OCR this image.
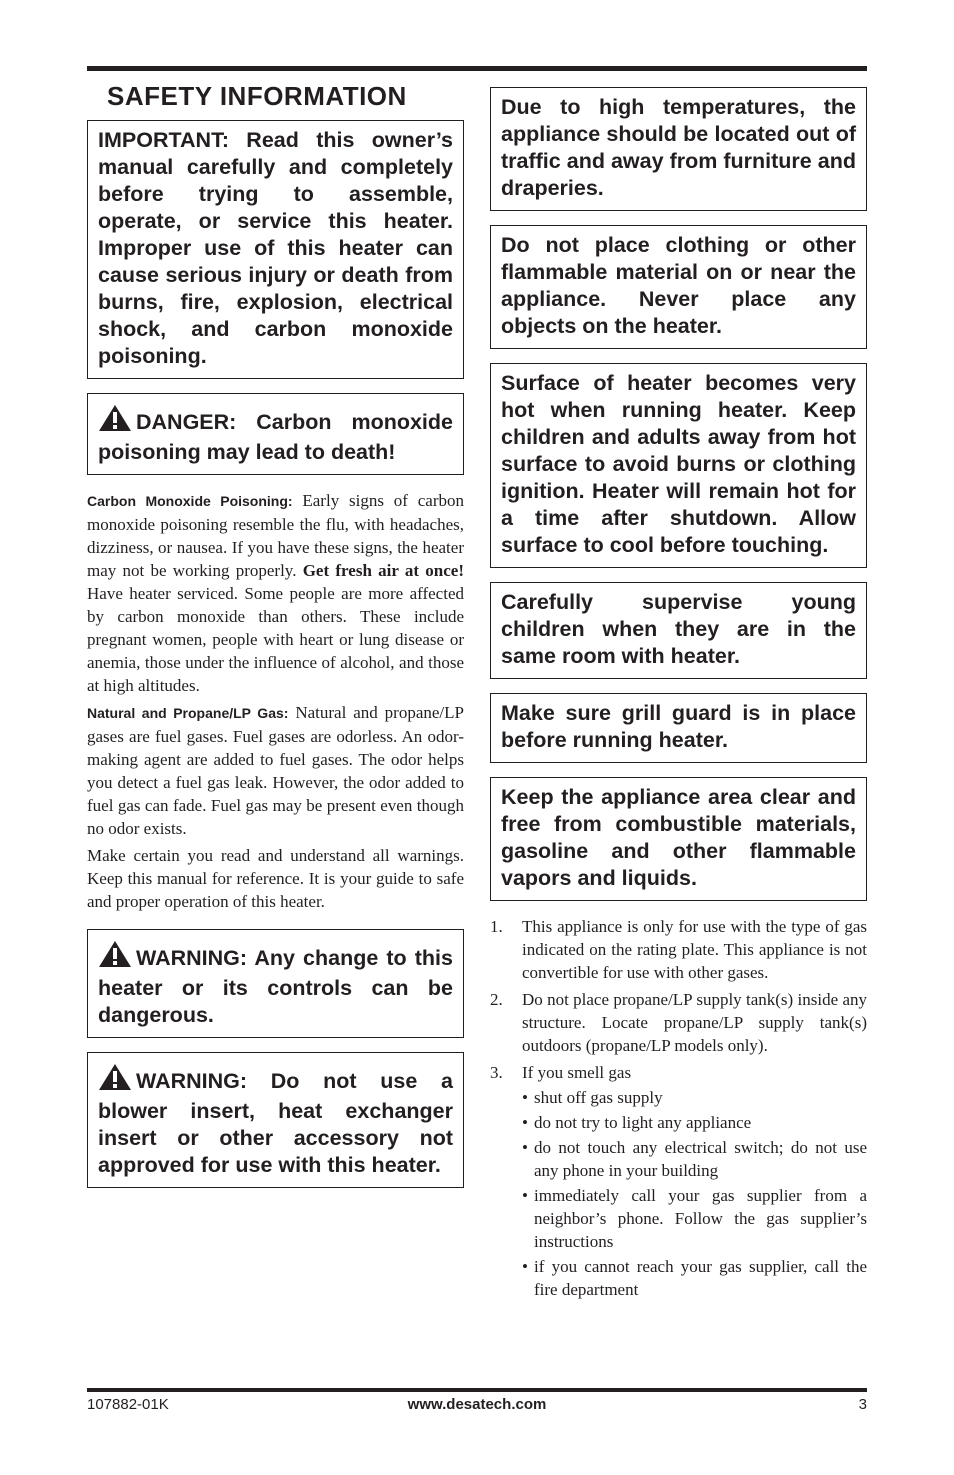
SAFETY INFORMATION
IMPORTANT: Read this owner’s manual carefully and completely before trying to assemble, operate, or service this heater. Improper use of this heater can cause serious injury or death from burns, fire, explosion, electrical shock, and carbon monoxide poisoning.
DANGER: Carbon monoxide poisoning may lead to death!

Carbon Monoxide Poisoning: Early signs of carbon monoxide poisoning resemble the flu, with headaches, dizziness, or nausea. If you have these signs, the heater may not be working properly. Get fresh air at once! Have heater serviced. Some people are more affected by carbon monoxide than others. These include pregnant women, people with heart or lung disease or anemia, those under the influence of alcohol, and those at high altitudes.

Natural and Propane/LP Gas: Natural and propane/LP gases are fuel gases. Fuel gases are odorless. An odor-making agent are added to fuel gases. The odor helps you detect a fuel gas leak. However, the odor added to fuel gas can fade. Fuel gas may be present even though no odor exists.

Make certain you read and understand all warnings. Keep this manual for reference. It is your guide to safe and proper operation of this heater.

WARNING: Any change to this heater or its controls can be dangerous.
WARNING: Do not use a blower insert, heat exchanger insert or other accessory not approved for use with this heater.
Due to high temperatures, the appliance should be located out of traffic and away from furniture and draperies.
Do not place clothing or other flammable material on or near the appliance. Never place any objects on the heater.
Surface of heater becomes very hot when running heater. Keep children and adults away from hot surface to avoid burns or clothing ignition. Heater will remain hot for a time after shutdown. Allow surface to cool before touching.
Carefully supervise young children when they are in the same room with heater.
Make sure grill guard is in place before running heater.
Keep the appliance area clear and free from combustible materials, gasoline and other flammable vapors and liquids.
1. This appliance is only for use with the type of gas indicated on the rating plate. This appliance is not convertible for use with other gases.
2. Do not place propane/LP supply tank(s) inside any structure. Locate propane/LP supply tank(s) outdoors (propane/LP models only).
3. If you smell gas
• shut off gas supply
• do not try to light any appliance
• do not touch any electrical switch; do not use any phone in your building
• immediately call your gas supplier from a neighbor’s phone. Follow the gas supplier’s instructions
• if you cannot reach your gas supplier, call the fire department
107882-01K	www.desatech.com	3
